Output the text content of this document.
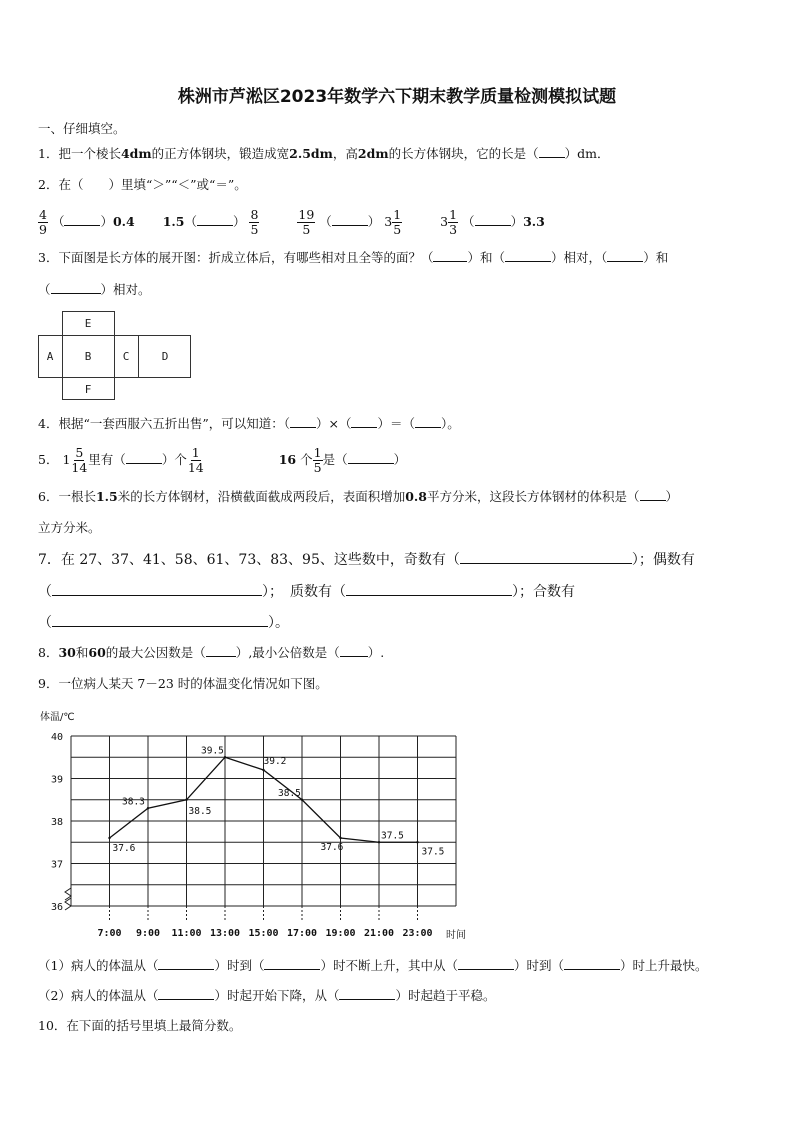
株洲市芦淞区2023年数学六下期末教学质量检测模拟试题
一、仔细填空。
1．把一个棱长4dm的正方体钢块，锻造成宽2.5dm，高2dm的长方体钢块，它的长是（ ）dm．
2．在（　　）里填“＞”“＜”或“＝”。
$\frac{4}{9}$ （	）0.4 1.5（	） $\frac{8}{5}$
	$\frac{19}{5}$ （	） $3 \frac{1}{5}$
	$3 \frac{1}{3}$ （	）3.3
3．下面图是长方体的展开图：折成立体后，有哪些相对且全等的面？（	）和（	）相对，（	）和
（	）相对。
E
A	B	C	D
F
4．根据“一套西服六五折出售”，可以知道：（ ）×（ ）＝（ ）。
5． $1 \frac{5}{14}$ 里有（	）个 $\frac{1}{14}$	16 个 $\frac{1}{5}$ 是（	）
6．一根长1.5米的长方体钢材，沿横截面截成两段后，表面积增加0.8平方分米，这段长方体钢材的体积是（ ）
立方分米。
7．在 27、37、41、58、61、73、83、95、这些数中，奇数有（	）；偶数有
（	）；　质数有（	）；合数有
（	）。
8．30和60的最大公因数是（ ）,最小公倍数是（ ）.
9．一位病人某天 7－23 时的体温变化情况如下图。
体温/℃
40
39
38
37
36
7:00 9:00 11:00 13:00 15:00 17:00 19:00 21:00 23:00
37.6
38.3
38.5
39.5
39.2
38.5
37.6
37.5
37.5
时间
（1）病人的体温从（	）时到（	）时不断上升，其中从（	）时到（	）时上升最快。
（2）病人的体温从（	）时起开始下降，从（	）时起趋于平稳。
10．在下面的括号里填上最简分数。
